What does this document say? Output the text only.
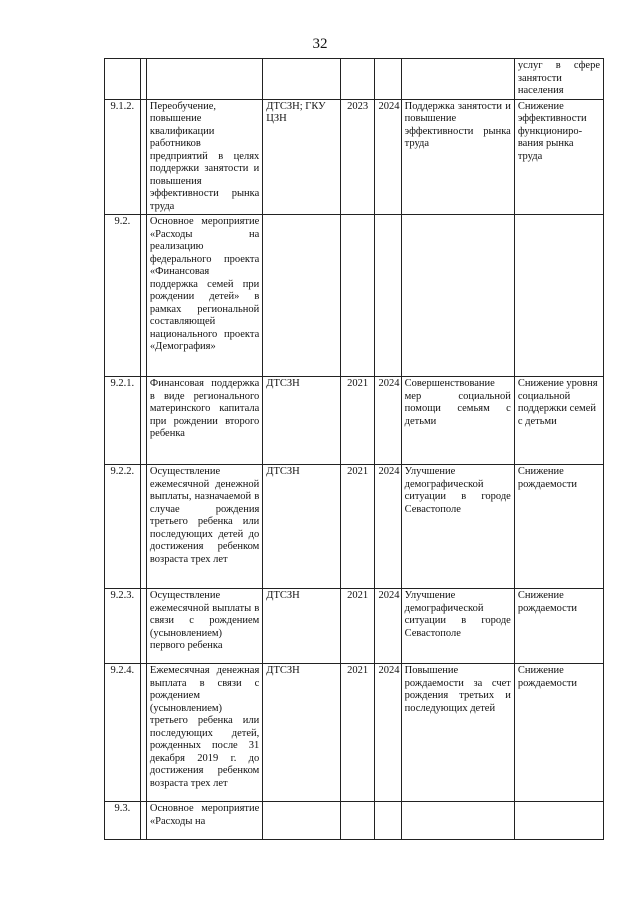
32
							услуг в сфере занятости населения
9.1.2.		Переобучение, повышение квалификации работников предприятий в целях поддержки занятости и повышения эффективности рынка труда	ДТСЗН; ГКУ ЦЗН	2023	2024	Поддержка занятости и повышение эффективности рынка труда	Снижение эффективности функциониро-вания рынка труда
9.2.		Основное мероприятие «Расходы на реализацию федерального проекта «Финансовая поддержка семей при рождении детей» в рамках региональной составляющей национального проекта «Демография»					
9.2.1.		Финансовая поддержка в виде регионального материнского капитала при рождении второго ребенка	ДТСЗН	2021	2024	Совершенствование мер социальной помощи семьям с детьми	Снижение уровня социальной поддержки семей с детьми
9.2.2.		Осуществление ежемесячной денежной выплаты, назначаемой в случае рождения третьего ребенка или последующих детей до достижения ребенком возраста трех лет	ДТСЗН	2021	2024	Улучшение демографической ситуации в городе Севастополе	Снижение рождаемости
9.2.3.		Осуществление ежемесячной выплаты в связи с рождением (усыновлением) первого ребенка	ДТСЗН	2021	2024	Улучшение демографической ситуации в городе Севастополе	Снижение рождаемости
9.2.4.		Ежемесячная денежная выплата в связи с рождением (усыновлением) третьего ребенка или последующих детей, рожденных после 31 декабря 2019 г. до достижения ребенком возраста трех лет	ДТСЗН	2021	2024	Повышение рождаемости за счет рождения третьих и последующих детей	Снижение рождаемости
9.3.		Основное мероприятие «Расходы на					
